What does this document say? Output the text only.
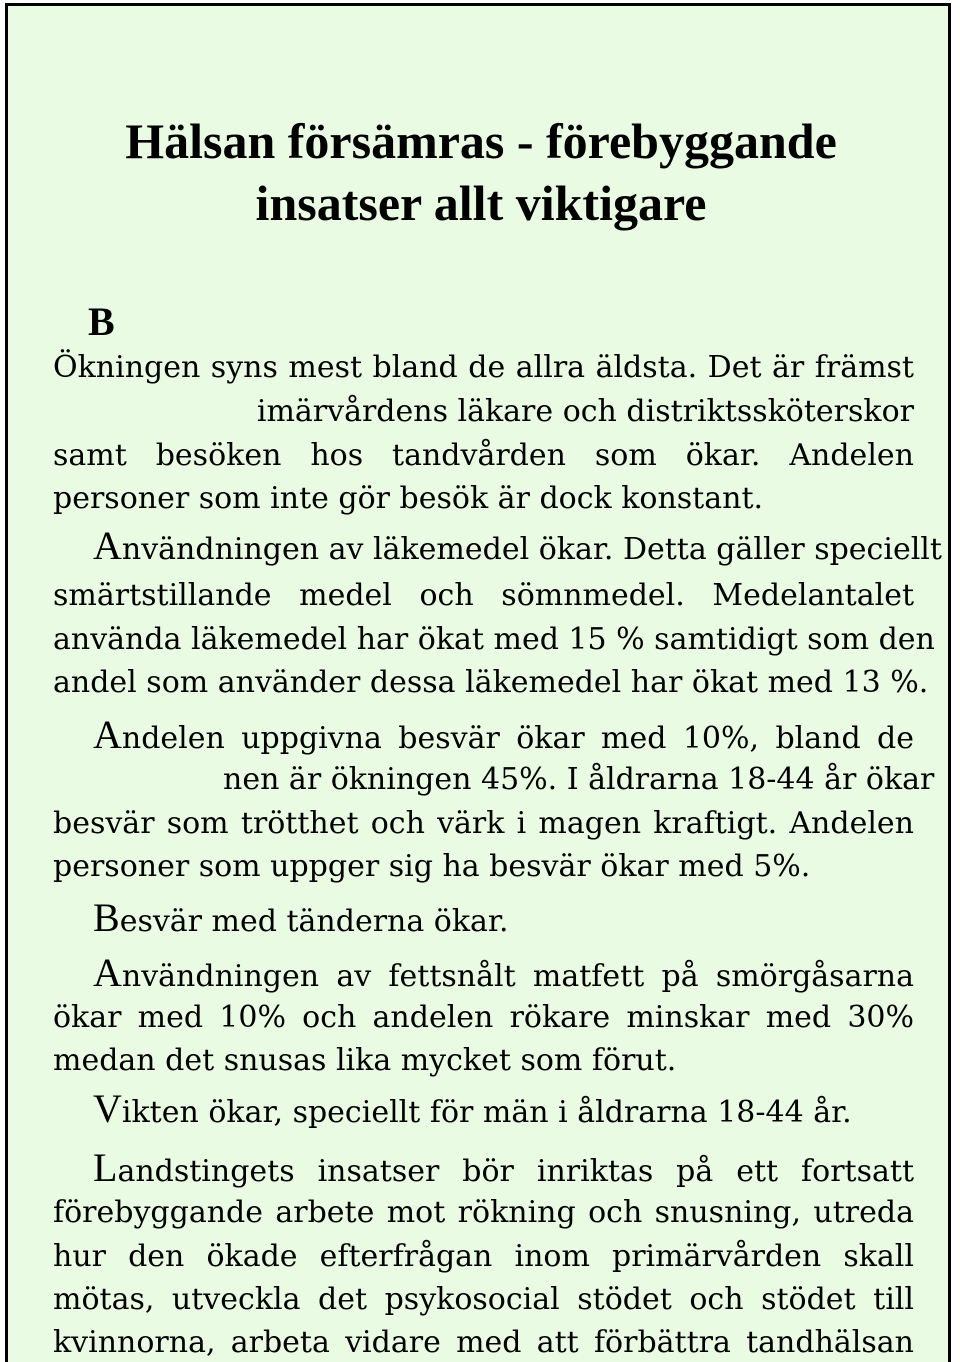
Hälsan försämras - förebyggande
insatser allt viktigare
B
Ökningen syns mest bland de allra äldsta. Det är främst
imärvårdens läkare och distriktssköterskor
samt besöken hos tandvården som ökar. Andelen
personer som inte gör besök är dock konstant.
Användningen av läkemedel ökar. Detta gäller speciellt
smärtstillande medel och sömnmedel. Medelantalet
använda läkemedel har ökat med 15 % samtidigt som den
andel som använder dessa läkemedel har ökat med 13 %.
Andelen uppgivna besvär ökar med 10%, bland de
nen är ökningen 45%. I åldrarna 18-44 år ökar
besvär som trötthet och värk i magen kraftigt. Andelen
personer som uppger sig ha besvär ökar med 5%.
Besvär med tänderna ökar.
Användningen av fettsnålt matfett på smörgåsarna
ökar med 10% och andelen rökare minskar med 30%
medan det snusas lika mycket som förut.
Vikten ökar, speciellt för män i åldrarna 18-44 år.
Landstingets insatser bör inriktas på ett fortsatt
förebyggande arbete mot rökning och snusning, utreda
hur den ökade efterfrågan inom primärvården skall
mötas, utveckla det psykosocial stödet och stödet till
kvinnorna, arbeta vidare med att förbättra tandhälsan
